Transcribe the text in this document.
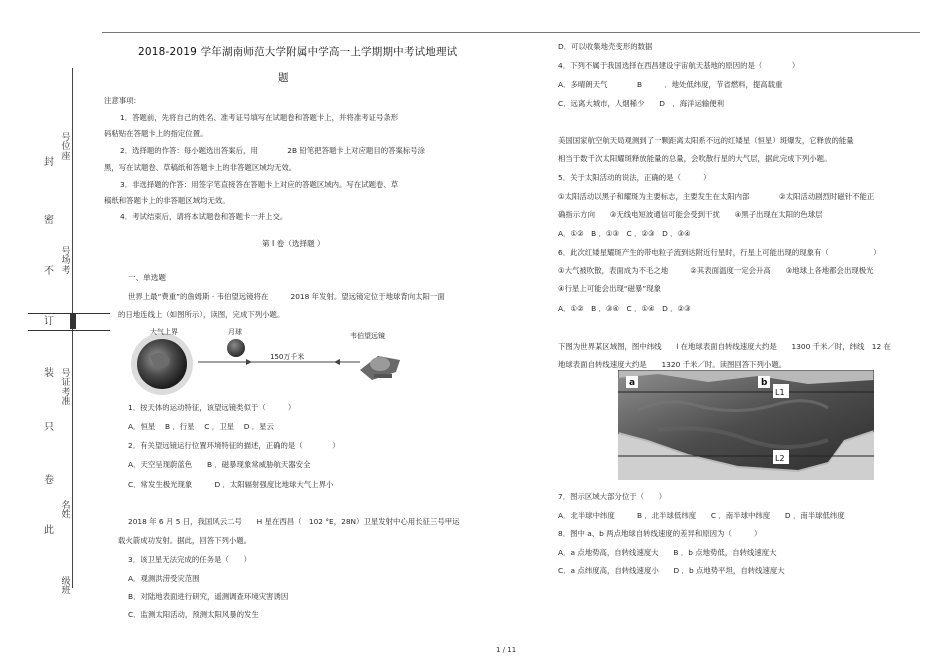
封
密
不
订
装
只
卷
此
号位座
号场考
号证考准
名姓
级班
2018-2019 学年湖南师范大学附属中学高一上学期期中考试地理试
题
注意事项:
1．答题前，先将自己的姓名、准考证号填写在试题卷和答题卡上，并将准考证号条形
码粘贴在答题卡上的指定位置。
2．选择题的作答：每小题选出答案后，用　　　　2B 铅笔把答题卡上对应题目的答案标号涂
黑，写在试题卷、草稿纸和答题卡上的非答题区域均无效。
3．非选择题的作答：用签字笔直接答在答题卡上对应的答题区域内。写在试题卷、草
稿纸和答题卡上的非答题区域均无效。
4．考试结束后，请将本试题卷和答题卡一并上交。
第 Ⅰ 卷（选择题 ）
一、单选题
世界上最“费重”的詹姆斯 · 韦伯望远镜将在　　　2018 年发射。望远镜定位于地球背向太阳一面
的日地连线上（如图所示），读图，完成下列小题。
大气上界	月球
150万千米
韦伯望远镜
1．按天体的运动特征，该望远镜类似于（　　　）
A．恒星　 B ．行星　 C ．卫星　 D ．星云
2．有关望远镜运行位置环境特征的描述，正确的是（　　　　）
A．天空呈现蔚蓝色　　B ．磁暴现象常威胁航天器安全
C．常发生极光现象　　　D ．太阳辐射强度比地球大气上界小
2018 年 6 月 5 日，我国风云二号　　H 星在西昌（　102 °E，28N）卫星发射中心用长征三号甲运
载火箭成功发射。据此，回答下列小题。
3．该卫星无法完成的任务是（　　）
A．观测洪涝受灾范围
B．对陆地表面进行研究，遥测调查环境灾害诱因
C．监测太阳活动，预测太阳风暴的发生
D．可以收集地壳变形的数据
4．下列不属于我国选择在西昌建设宇宙航天基地的原因的是（　　　　）
A．多晴朗天气　　　　B　　　．地处低纬度，节省燃料，提高载重
C．远离大城市，人烟稀少　　D　．海洋运输便利
美国国家航空航天局观测到了一颗距离太阳系不远的红矮星（恒星）斑爆发，它释放的能量
相当于数千次太阳耀斑释放能量的总量，会吹散行星的大气层，据此完成下列小题。
5．关于太阳活动的说法，正确的是（　　　）
①太阳活动以黑子和耀斑为主要标志，主要发生在太阳内部　　　　②太阳活动剧烈时磁针不能正
确指示方向　　③无线电短波通信可能会受到干扰　　④黑子出现在太阳的色球层
A．①②　B ．①③　C ．②③　D ．③④
6．此次红矮星耀斑产生的带电粒子流到达附近行星时，行星上可能出现的现象有（　　　　　　）
①大气被吹散，表面成为不毛之地　　　②其表面温度一定会升高　　③地球上各地都会出现极光
④行星上可能会出现“磁暴”现象
A．①②　B ．③④　C ．①④　D ．②③
下图为世界某区域图，图中纬线　　l 在地球表面自转线速度大约是　　1300 千米／时，纬线　12 在
地球表面自转线速度大约是　　1320 千米／时。读图回答下列小题。
a	b
L1
L2
7．图示区域大部分位于（　　）
A．北半球中纬度　　　B ．北半球低纬度　　C ．南半球中纬度　　D ．南半球低纬度
8．图中 a、b 两点地球自转线速度的差异和原因为（　　　）
A．a 点地势高，自转线速度大　　B ．b 点地势低，自转线速度大
C．a 点纬度高，自转线速度小　　D ．b 点地势平坦，自转线速度大
1 / 11
